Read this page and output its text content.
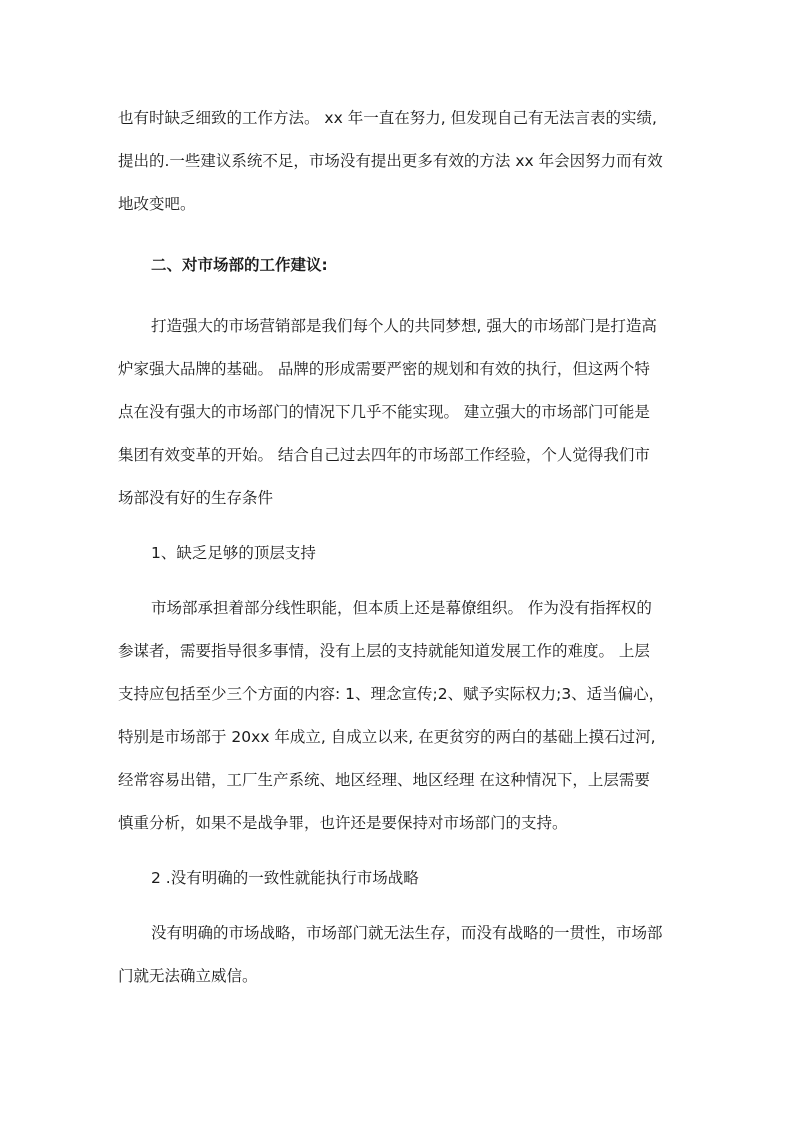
也有时缺乏细致的工作方法。 xx 年一直在努力, 但发现自己有无法言表的实绩,
提出的.一些建议系统不足，市场没有提出更多有效的方法 xx 年会因努力而有效
地改变吧。
二、对市场部的工作建议:
打造强大的市场营销部是我们每个人的共同梦想, 强大的市场部门是打造高
炉家强大品牌的基础。 品牌的形成需要严密的规划和有效的执行，但这两个特
点在没有强大的市场部门的情况下几乎不能实现。 建立强大的市场部门可能是
集团有效变革的开始。 结合自己过去四年的市场部工作经验，个人觉得我们市
场部没有好的生存条件
1、缺乏足够的顶层支持
市场部承担着部分线性职能，但本质上还是幕僚组织。 作为没有指挥权的
参谋者，需要指导很多事情，没有上层的支持就能知道发展工作的难度。 上层
支持应包括至少三个方面的内容: 1、理念宣传;2、赋予实际权力;3、适当偏心，
特别是市场部于 20xx 年成立, 自成立以来, 在更贫穷的两白的基础上摸石过河,
经常容易出错，工厂生产系统、地区经理、地区经理 在这种情况下，上层需要
慎重分析，如果不是战争罪，也许还是要保持对市场部门的支持。
2 .没有明确的一致性就能执行市场战略
没有明确的市场战略，市场部门就无法生存，而没有战略的一贯性，市场部
门就无法确立威信。
